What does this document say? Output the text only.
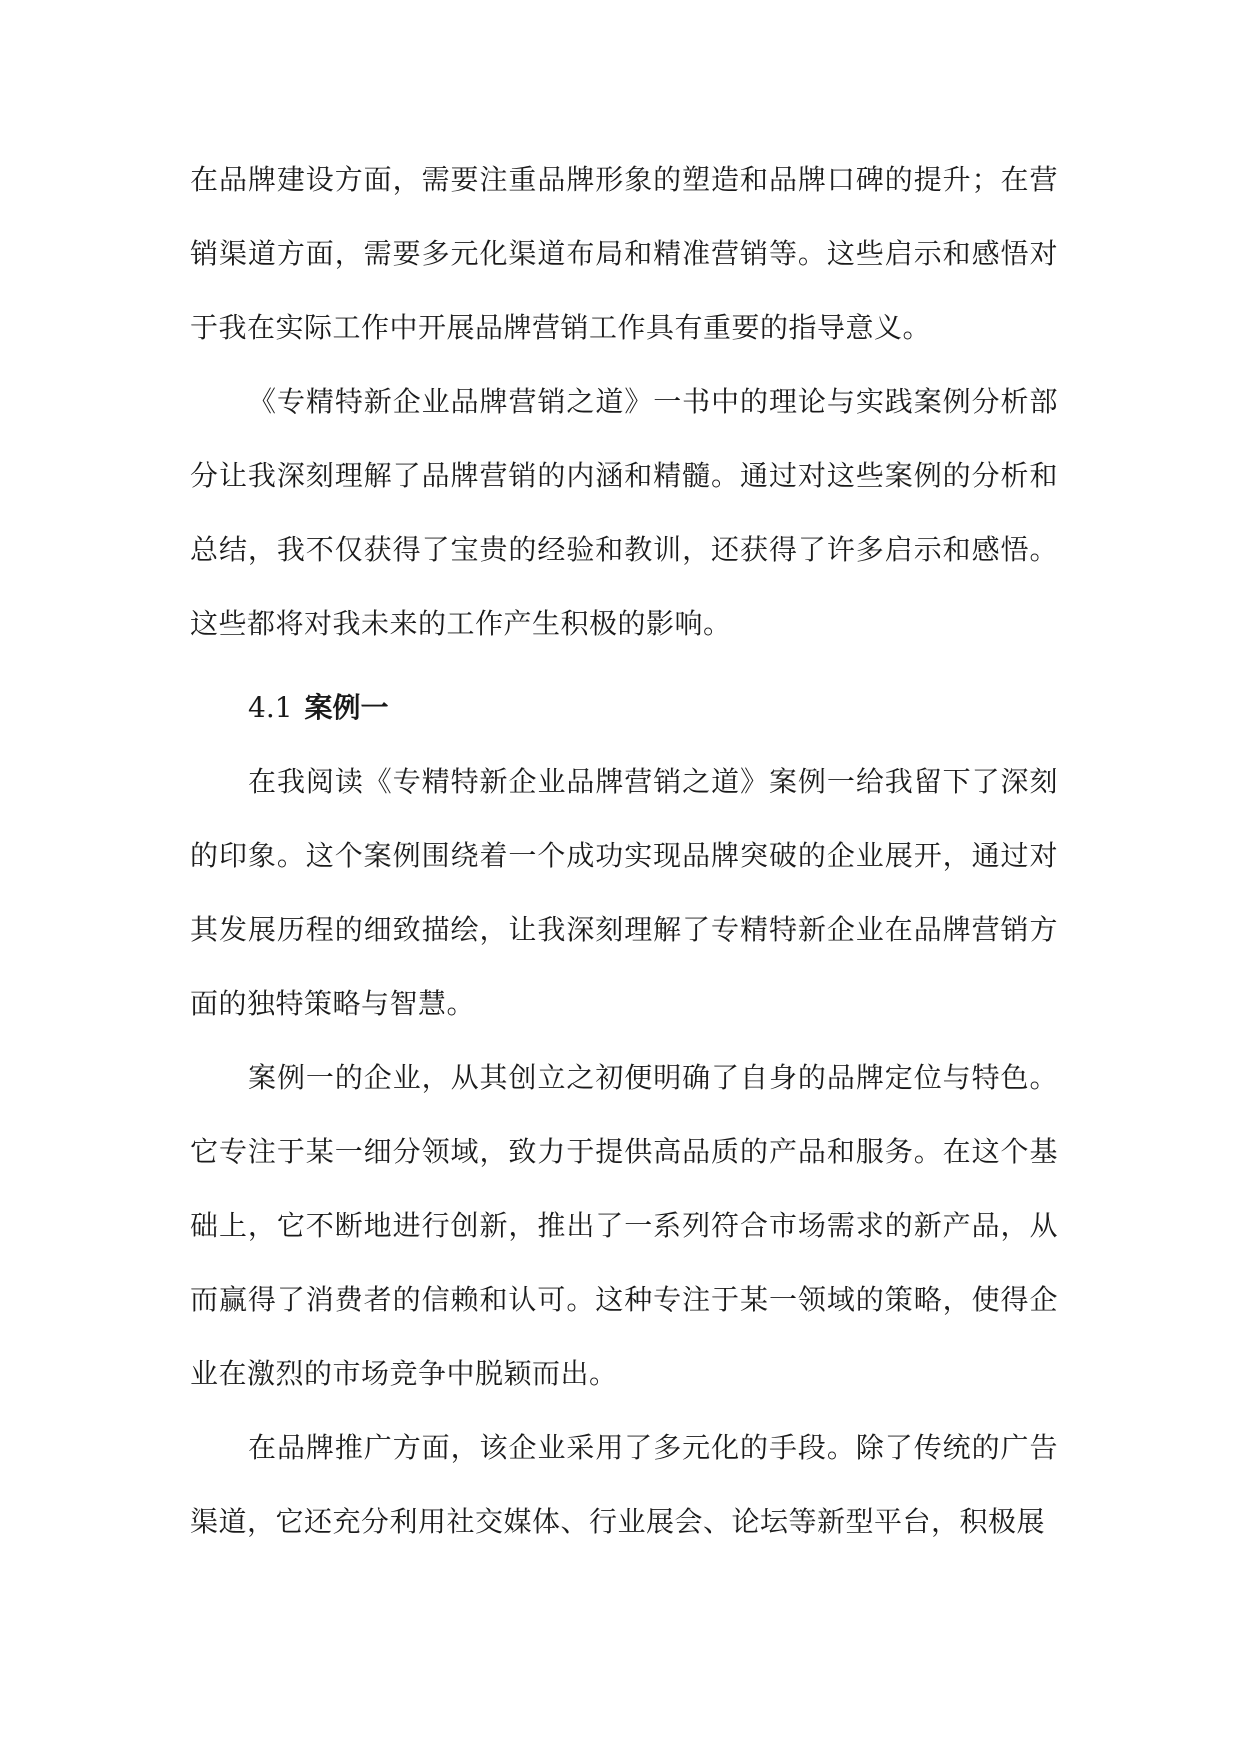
在品牌建设方面，需要注重品牌形象的塑造和品牌口碑的提升；在营销渠道方面，需要多元化渠道布局和精准营销等。这些启示和感悟对于我在实际工作中开展品牌营销工作具有重要的指导意义。

《专精特新企业品牌营销之道》一书中的理论与实践案例分析部分让我深刻理解了品牌营销的内涵和精髓。通过对这些案例的分析和总结，我不仅获得了宝贵的经验和教训，还获得了许多启示和感悟。这些都将对我未来的工作产生积极的影响。

4.1 案例一

在我阅读《专精特新企业品牌营销之道》案例一给我留下了深刻的印象。这个案例围绕着一个成功实现品牌突破的企业展开，通过对其发展历程的细致描绘，让我深刻理解了专精特新企业在品牌营销方面的独特策略与智慧。

案例一的企业，从其创立之初便明确了自身的品牌定位与特色。它专注于某一细分领域，致力于提供高品质的产品和服务。在这个基础上，它不断地进行创新，推出了一系列符合市场需求的新产品，从而赢得了消费者的信赖和认可。这种专注于某一领域的策略，使得企业在激烈的市场竞争中脱颖而出。

在品牌推广方面，该企业采用了多元化的手段。除了传统的广告渠道，它还充分利用社交媒体、行业展会、论坛等新型平台，积极展
